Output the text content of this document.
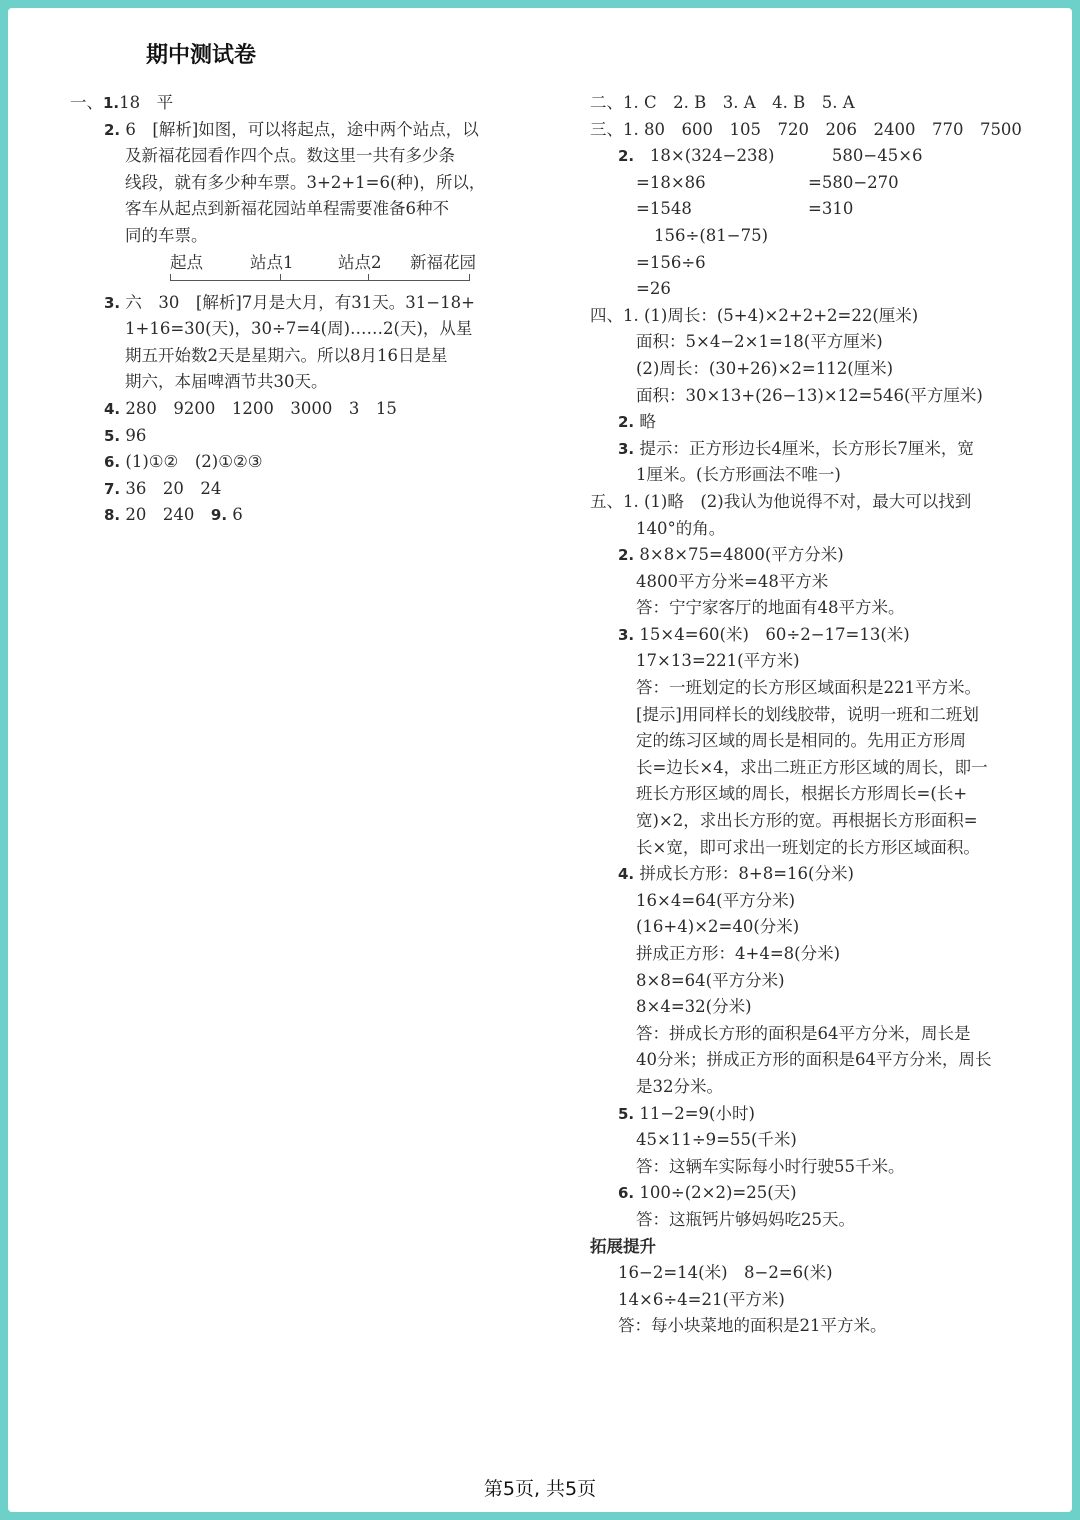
期中测试卷
一、1.18　平
2. 6　[解析]如图，可以将起点，途中两个站点，以
及新福花园看作四个点。数这里一共有多少条
线段，就有多少种车票。3+2+1=6(种)，所以，
客车从起点到新福花园站单程需要准备6种不
同的车票。
起点	站点1	站点2 新福花园
3. 六　30　[解析]7月是大月，有31天。31−18+
1+16=30(天)，30÷7=4(周)……2(天)，从星
期五开始数2天是星期六。所以8月16日是星
期六，本届啤酒节共30天。
4. 280　9200　1200　3000　3　15
5. 96
6. (1)①②　(2)①②③
7. 36　20　24
8. 20　240　 9. 6
二、1. C　2. B　3. A　4. B　5. A
三、1. 80　600　105　720　206　2400　770　7500
2. 18×(324−238)	580−45×6
=18×86	=580−270
=1548	=310
156÷(81−75)
=156÷6
=26
四、1. (1)周长：(5+4)×2+2+2=22(厘米)
面积：5×4−2×1=18(平方厘米)
(2)周长：(30+26)×2=112(厘米)
面积：30×13+(26−13)×12=546(平方厘米)
2. 略
3. 提示：正方形边长4厘米，长方形长7厘米，宽
1厘米。(长方形画法不唯一)
五、1. (1)略　(2)我认为他说得不对，最大可以找到
140°的角。
2. 8×8×75=4800(平方分米)
4800平方分米=48平方米
答：宁宁家客厅的地面有48平方米。
3. 15×4=60(米)　60÷2−17=13(米)
17×13=221(平方米)
答：一班划定的长方形区域面积是221平方米。
[提示]用同样长的划线胶带，说明一班和二班划
定的练习区域的周长是相同的。先用正方形周
长=边长×4，求出二班正方形区域的周长，即一
班长方形区域的周长，根据长方形周长=(长+
宽)×2，求出长方形的宽。再根据长方形面积=
长×宽，即可求出一班划定的长方形区域面积。
4. 拼成长方形：8+8=16(分米)
16×4=64(平方分米)
(16+4)×2=40(分米)
拼成正方形：4+4=8(分米)
8×8=64(平方分米)
8×4=32(分米)
答：拼成长方形的面积是64平方分米，周长是
40分米；拼成正方形的面积是64平方分米，周长
是32分米。
5. 11−2=9(小时)
45×11÷9=55(千米)
答：这辆车实际每小时行驶55千米。
6. 100÷(2×2)=25(天)
答：这瓶钙片够妈妈吃25天。
拓展提升
16−2=14(米)　8−2=6(米)
14×6÷4=21(平方米)
答：每小块菜地的面积是21平方米。
第5页, 共5页
